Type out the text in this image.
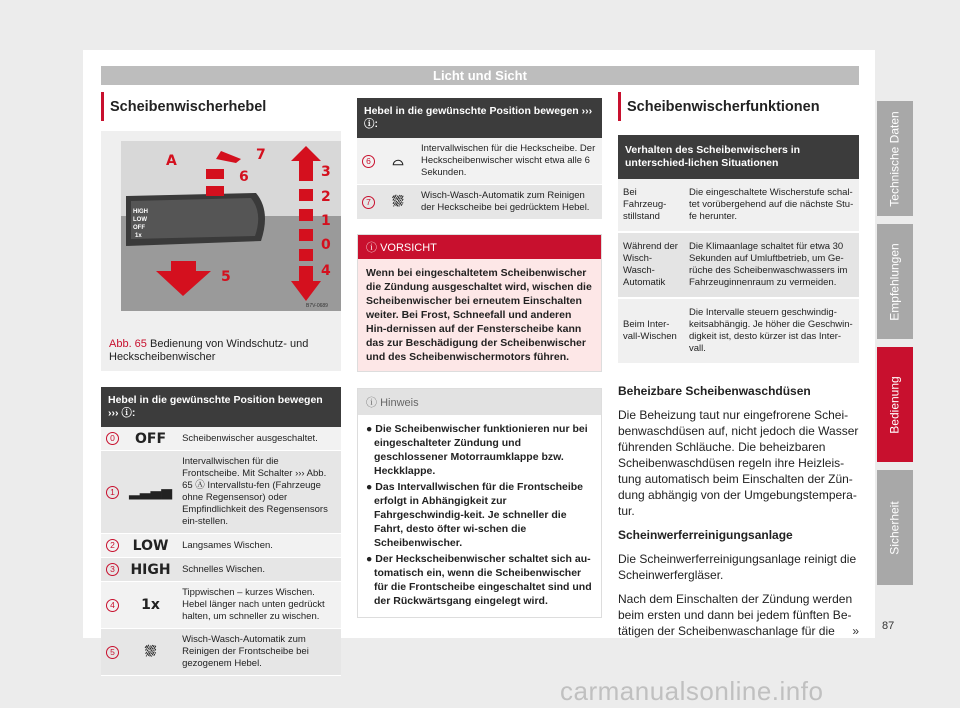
Licht und Sicht
Scheibenwischerhebel
A	7
6	3
2
1
0
4
5
HIGH
LOW
OFF
1x
B7V-0689
Abb. 65 Bedienung von Windschutz- und Heckscheibenwischer
Hebel in die gewünschte Position bewegen ››› ⓘ:		
0	OFF	Scheibenwischer ausgeschaltet.
1	▂▃▄▅	Intervallwischen für die Frontscheibe. Mit Schalter ››› Abb. 65 Ⓐ Intervallstu-fen (Fahrzeuge ohne Regensensor) oder Empfindlichkeit des Regensensors ein-stellen.
2	LOW	Langsames Wischen.
3	HIGH	Schnelles Wischen.
4	1x	Tippwischen – kurzes Wischen. Hebel länger nach unten gedrückt halten, um schneller zu wischen.
5	⛆	Wisch-Wasch-Automatik zum Reinigen der Frontscheibe bei gezogenem Hebel.
Hebel in die gewünschte Position bewegen ››› ⓘ:		
6	⌓	Intervallwischen für die Heckscheibe. Der Heckscheibenwischer wischt etwa alle 6 Sekunden.
7	⛆	Wisch-Wasch-Automatik zum Reinigen der Heckscheibe bei gedrücktem Hebel.
ⓘ VORSICHT
Wenn bei eingeschaltetem Scheibenwischer die Zündung ausgeschaltet wird, wischen die Scheibenwischer bei erneutem Einschalten weiter. Bei Frost, Schneefall und anderen Hin-dernissen auf der Fensterscheibe kann das zur Beschädigung der Scheibenwischer und des Scheibenwischermotors führen.
ⓘ Hinweis
● Die Scheibenwischer funktionieren nur bei eingeschalteter Zündung und geschlossener Motorraumklappe bzw. Heckklappe.
● Das Intervallwischen für die Frontscheibe erfolgt in Abhängigkeit zur Fahrgeschwindig-keit. Je schneller die Fahrt, desto öfter wi-schen die Scheibenwischer.
● Der Heckscheibenwischer schaltet sich au-tomatisch ein, wenn die Scheibenwischer für die Frontscheibe eingeschaltet sind und der Rückwärtsgang eingelegt wird.
Scheibenwischerfunktionen
Verhalten des Scheibenwischers in unterschied-lichen Situationen	
Bei Fahrzeug-stillstand	Die eingeschaltete Wischerstufe schal-tet vorübergehend auf die nächste Stu-fe herunter.
Während der Wisch-Wasch-Automatik	Die Klimaanlage schaltet für etwa 30 Sekunden auf Umluftbetrieb, um Ge-rüche des Scheibenwaschwassers im Fahrzeuginnenraum zu vermeiden.
Beim Inter-vall-Wischen	Die Intervalle steuern geschwindig-keitsabhängig. Je höher die Geschwin-digkeit ist, desto kürzer ist das Inter-vall.
Beheizbare Scheibenwaschdüsen

Die Beheizung taut nur eingefrorene Schei-benwaschdüsen auf, nicht jedoch die Wasser führenden Schläuche. Die beheizbaren Scheibenwaschdüsen regeln ihre Heizleis-tung automatisch beim Einschalten der Zün-dung abhängig von der Umgebungstempera-tur.

Scheinwerferreinigungsanlage

Die Scheinwerferreinigungsanlage reinigt die Scheinwerfergläser.

Nach dem Einschalten der Zündung werden beim ersten und dann bei jedem fünften Be-tätigen der Scheibenwaschanlage für die »

Technische Daten
Empfehlungen
Bedienung
Sicherheit
87
carmanualsonline.info
